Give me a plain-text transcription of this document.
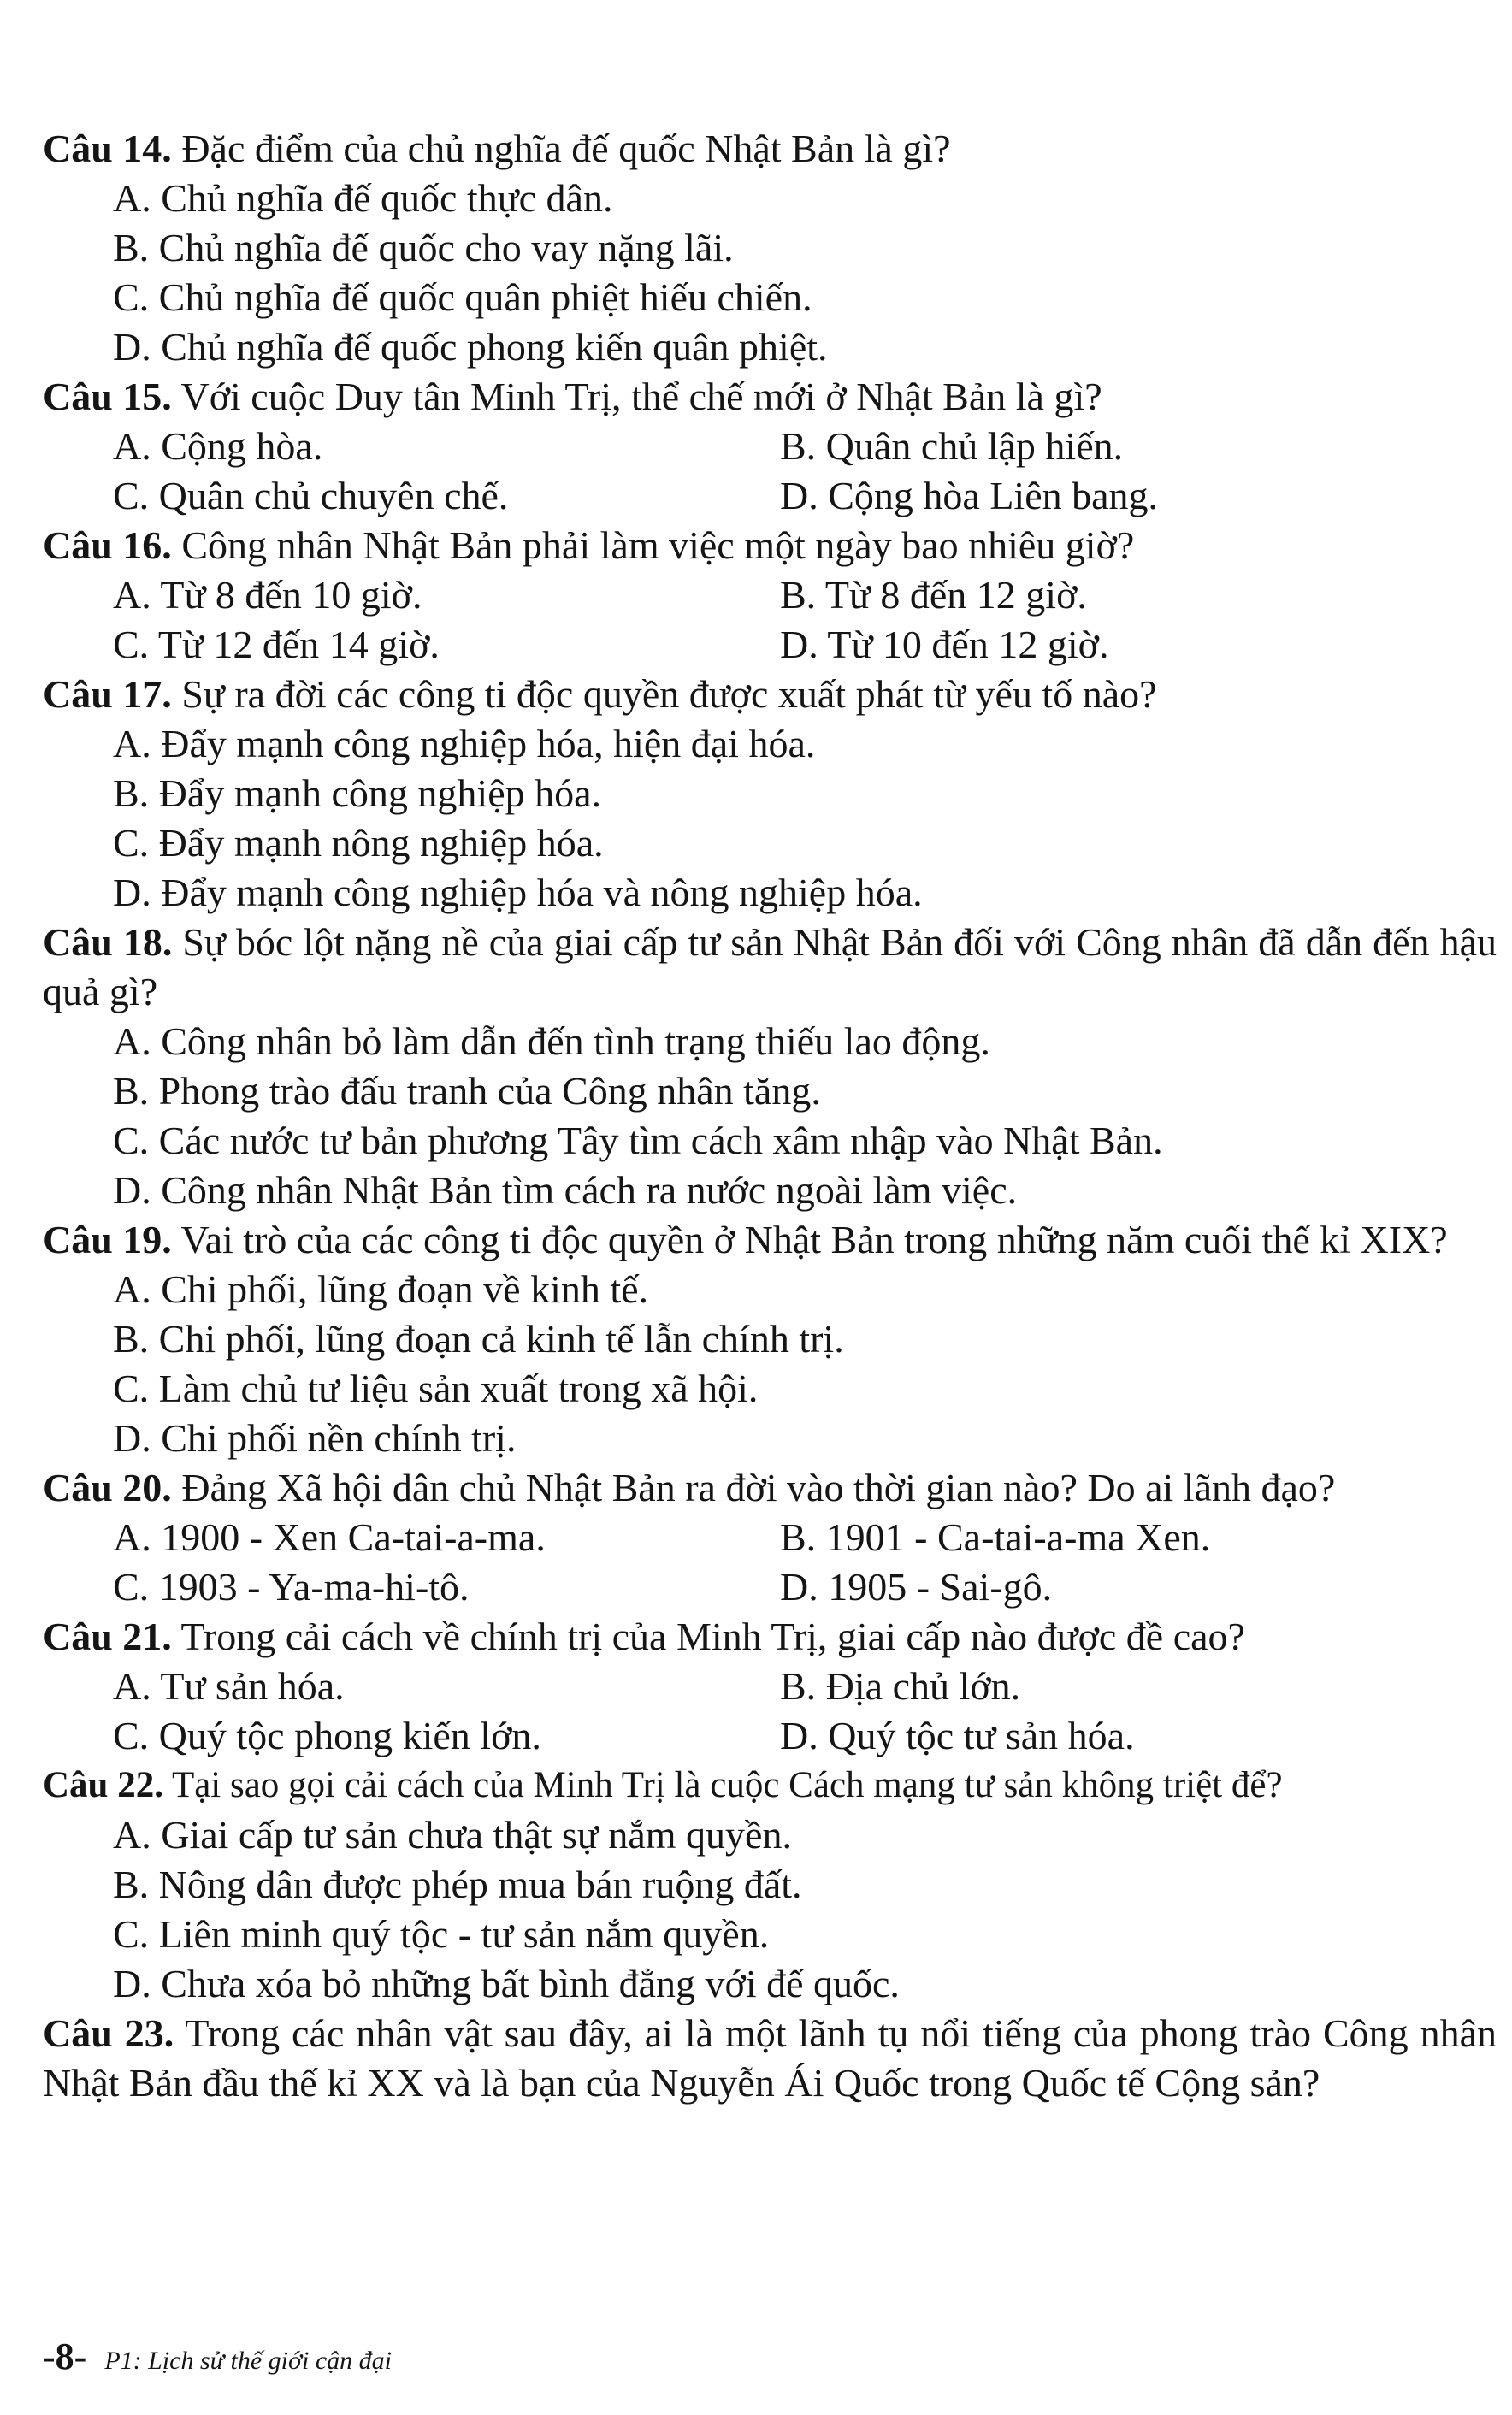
Câu 14. Đặc điểm của chủ nghĩa đế quốc Nhật Bản là gì?
A. Chủ nghĩa đế quốc thực dân.
B. Chủ nghĩa đế quốc cho vay nặng lãi.
C. Chủ nghĩa đế quốc quân phiệt hiếu chiến.
D. Chủ nghĩa đế quốc phong kiến quân phiệt.
Câu 15. Với cuộc Duy tân Minh Trị, thể chế mới ở Nhật Bản là gì?
A. Cộng hòa.	B. Quân chủ lập hiến.
C. Quân chủ chuyên chế.	D. Cộng hòa Liên bang.
Câu 16. Công nhân Nhật Bản phải làm việc một ngày bao nhiêu giờ?
A. Từ 8 đến 10 giờ.	B. Từ 8 đến 12 giờ.
C. Từ 12 đến 14 giờ.	D. Từ 10 đến 12 giờ.
Câu 17. Sự ra đời các công ti độc quyền được xuất phát từ yếu tố nào?
A. Đẩy mạnh công nghiệp hóa, hiện đại hóa.
B. Đẩy mạnh công nghiệp hóa.
C. Đẩy mạnh nông nghiệp hóa.
D. Đẩy mạnh công nghiệp hóa và nông nghiệp hóa.
Câu 18. Sự bóc lột nặng nề của giai cấp tư sản Nhật Bản đối với Công nhân đã dẫn đến hậu quả gì?
A. Công nhân bỏ làm dẫn đến tình trạng thiếu lao động.
B. Phong trào đấu tranh của Công nhân tăng.
C. Các nước tư bản phương Tây tìm cách xâm nhập vào Nhật Bản.
D. Công nhân Nhật Bản tìm cách ra nước ngoài làm việc.
Câu 19. Vai trò của các công ti độc quyền ở Nhật Bản trong những năm cuối thế kỉ XIX?
A. Chi phối, lũng đoạn về kinh tế.
B. Chi phối, lũng đoạn cả kinh tế lẫn chính trị.
C. Làm chủ tư liệu sản xuất trong xã hội.
D. Chi phối nền chính trị.
Câu 20. Đảng Xã hội dân chủ Nhật Bản ra đời vào thời gian nào? Do ai lãnh đạo?
A. 1900 - Xen Ca-tai-a-ma.	B. 1901 - Ca-tai-a-ma Xen.
C. 1903 - Ya-ma-hi-tô.	D. 1905 - Sai-gô.
Câu 21. Trong cải cách về chính trị của Minh Trị, giai cấp nào được đề cao?
A. Tư sản hóa.	B. Địa chủ lớn.
C. Quý tộc phong kiến lớn.	D. Quý tộc tư sản hóa.
Câu 22. Tại sao gọi cải cách của Minh Trị là cuộc Cách mạng tư sản không triệt để?
A. Giai cấp tư sản chưa thật sự nắm quyền.
B. Nông dân được phép mua bán ruộng đất.
C. Liên minh quý tộc - tư sản nắm quyền.
D. Chưa xóa bỏ những bất bình đẳng với đế quốc.
Câu 23. Trong các nhân vật sau đây, ai là một lãnh tụ nổi tiếng của phong trào Công nhân Nhật Bản đầu thế kỉ XX và là bạn của Nguyễn Ái Quốc trong Quốc tế Cộng sản?
-8- P1: Lịch sử thế giới cận đại
